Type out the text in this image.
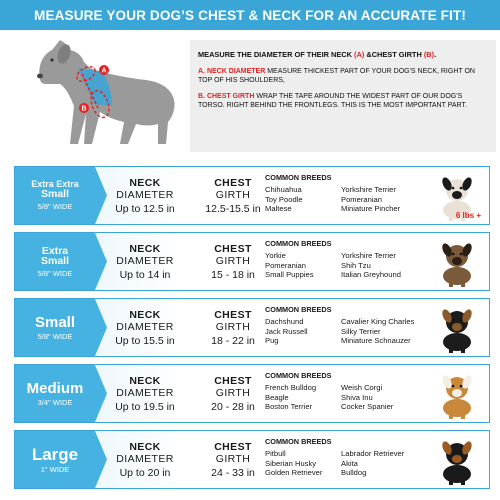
MEASURE YOUR DOG’S CHEST & NECK FOR AN ACCURATE FIT!
A
B
MEASURE THE DIAMETER OF THEIR NECK (A) &CHEST GIRTH (B).
A. NECK DIAMETER MEASURE THICKEST PART OF YOUR DOG'S NECK, RIGHT ON TOP OF HIS SHOULDERS,
B. CHEST GIRTH WRAP THE TAPE AROUND THE WIDEST PART OF OUR DOG'S TORSO. RIGHT BEHIND THE FRONTLEGS. THIS IS THE MOST IMPORTANT PART.
Extra Extra
Small
5/8" WIDE
NECK
DIAMETER
Up to 12.5 in
CHEST
GIRTH
12.5-15.5 in
COMMON BREEDS
Chihuahua	Yorkshire Terrier
Toy Poodle	Pomeranian
Maltese	Miniature Pincher
6 lbs +
Extra
Small
5/8" WIDE
NECK
DIAMETER
Up to 14 in
CHEST
GIRTH
15 - 18 in
COMMON BREEDS
Yorkie	Yorkshire Terrier
Pomeranian	Shih Tzu
Small Puppies	Italian Greyhound
Small
5/8" WIDE
NECK
DIAMETER
Up to 15.5 in
CHEST
GIRTH
18 - 22 in
COMMON BREEDS
Dachshund	Cavalier King Charles
Jack Russell	Silky Terrier
Pug	Miniature Schnauzer
Medium
3/4" WIDE
NECK
DIAMETER
Up to 19.5 in
CHEST
GIRTH
20 - 28 in
COMMON BREEDS
French Bulldog	Weish Corgi
Beagle	Shiva Inu
Boston Terrier	Cocker Spanier
Large
1" WIDE
NECK
DIAMETER
Up to 20 in
CHEST
GIRTH
24 - 33 in
COMMON BREEDS
Pitbull	Labrador Retriever
Siberian Husky	Akita
Golden Retriever	Bulldog
